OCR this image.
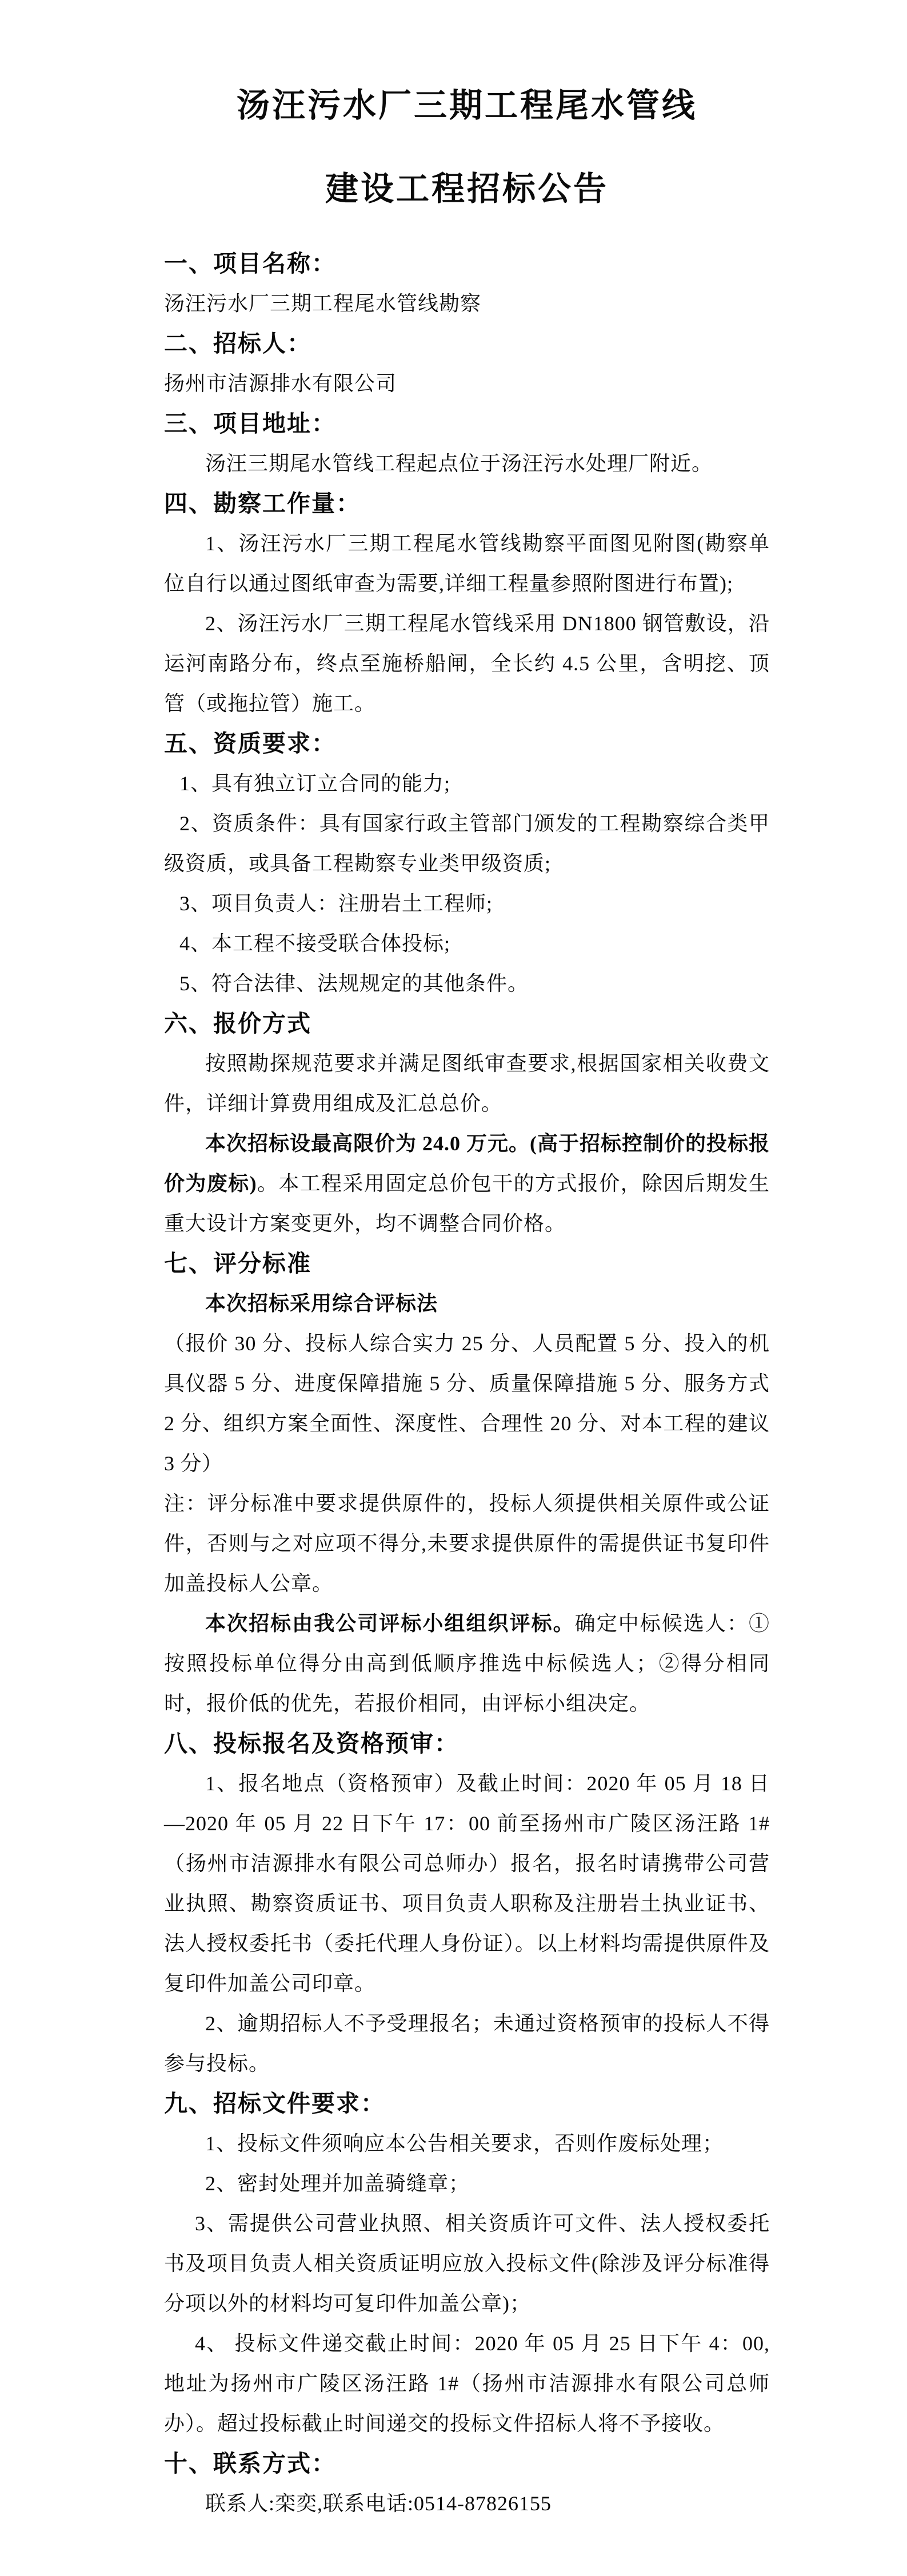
汤汪污水厂三期工程尾水管线
建设工程招标公告
一、项目名称：

汤汪污水厂三期工程尾水管线勘察

二、招标人：

扬州市洁源排水有限公司

三、项目地址：

汤汪三期尾水管线工程起点位于汤汪污水处理厂附近。

四、勘察工作量：

1、汤汪污水厂三期工程尾水管线勘察平面图见附图(勘察单位自行以通过图纸审查为需要,详细工程量参照附图进行布置);

2、汤汪污水厂三期工程尾水管线采用 DN1800 钢管敷设，沿运河南路分布，终点至施桥船闸，全长约 4.5 公里，含明挖、顶管（或拖拉管）施工。

五、资质要求：

1、具有独立订立合同的能力;

2、资质条件：具有国家行政主管部门颁发的工程勘察综合类甲级资质，或具备工程勘察专业类甲级资质;

3、项目负责人：注册岩土工程师;

4、本工程不接受联合体投标;

5、符合法律、法规规定的其他条件。

六、报价方式

按照勘探规范要求并满足图纸审查要求,根据国家相关收费文件，详细计算费用组成及汇总总价。

本次招标设最高限价为 24.0 万元。(高于招标控制价的投标报价为废标)。本工程采用固定总价包干的方式报价，除因后期发生重大设计方案变更外，均不调整合同价格。

七、评分标准

本次招标采用综合评标法

（报价 30 分、投标人综合实力 25 分、人员配置 5 分、投入的机具仪器 5 分、进度保障措施 5 分、质量保障措施 5 分、服务方式 2 分、组织方案全面性、深度性、合理性 20 分、对本工程的建议 3 分）

注：评分标准中要求提供原件的，投标人须提供相关原件或公证件，否则与之对应项不得分,未要求提供原件的需提供证书复印件加盖投标人公章。

本次招标由我公司评标小组组织评标。确定中标候选人：①按照投标单位得分由高到低顺序推选中标候选人；②得分相同时，报价低的优先，若报价相同，由评标小组决定。

八、投标报名及资格预审：

1、报名地点（资格预审）及截止时间：2020 年 05 月 18 日—2020 年 05 月 22 日下午 17：00 前至扬州市广陵区汤汪路 1#（扬州市洁源排水有限公司总师办）报名，报名时请携带公司营业执照、勘察资质证书、项目负责人职称及注册岩土执业证书、法人授权委托书（委托代理人身份证）。以上材料均需提供原件及复印件加盖公司印章。

2、逾期招标人不予受理报名；未通过资格预审的投标人不得参与投标。

九、招标文件要求：

1、投标文件须响应本公告相关要求，否则作废标处理；

2、密封处理并加盖骑缝章；

3、需提供公司营业执照、相关资质许可文件、法人授权委托书及项目负责人相关资质证明应放入投标文件(除涉及评分标准得分项以外的材料均可复印件加盖公章)；

4、 投标文件递交截止时间：2020 年 05 月 25 日下午 4：00,地址为扬州市广陵区汤汪路 1#（扬州市洁源排水有限公司总师办）。超过投标截止时间递交的投标文件招标人将不予接收。

十、联系方式：

联系人:栾奕,联系电话:0514-87826155
